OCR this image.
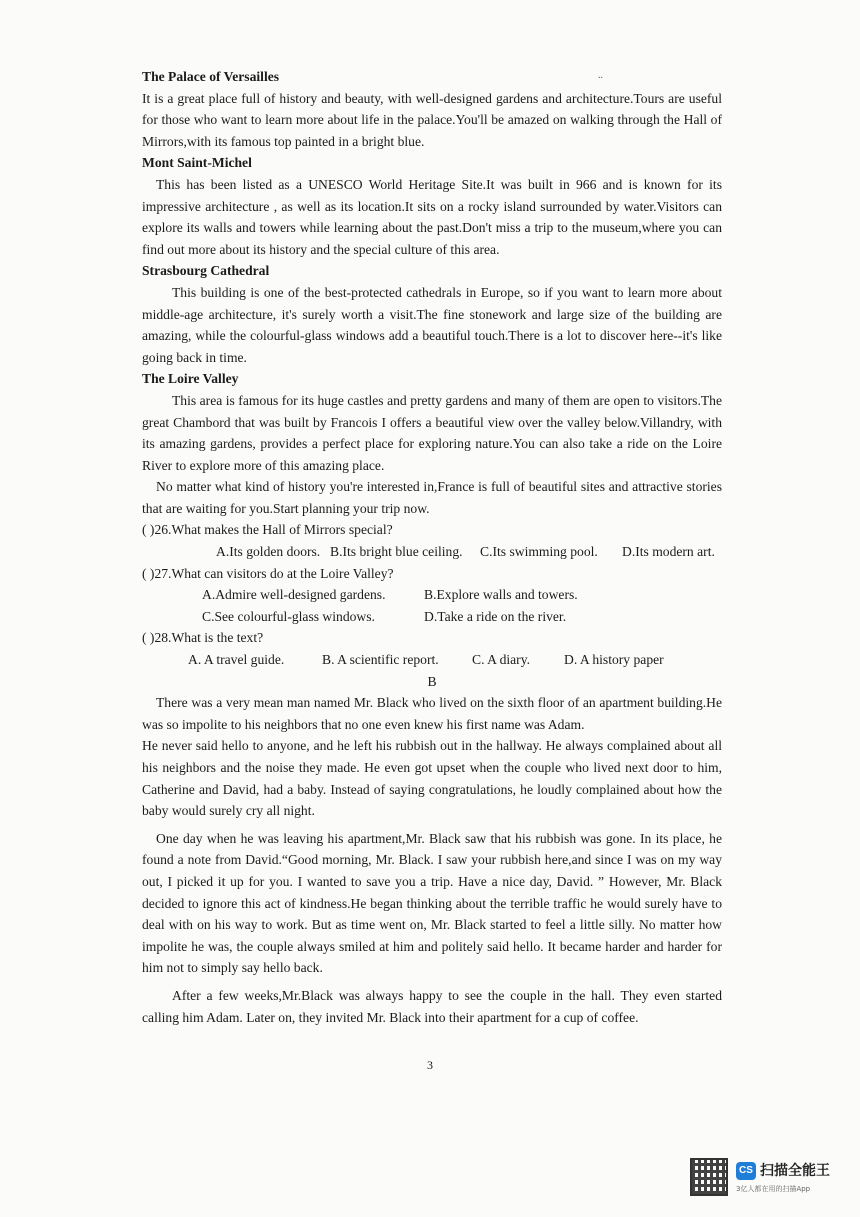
..

The Palace of Versailles

It is a great place full of history and beauty, with well-designed gardens and architecture.Tours are useful for those who want to learn more about life in the palace.You'll be amazed on walking through the Hall of Mirrors,with its famous top painted in a bright blue.

Mont Saint-Michel

This has been listed as a UNESCO World Heritage Site.It was built in 966 and is known for its impressive architecture , as well as its location.It sits on a rocky island surrounded by water.Visitors can explore its walls and towers while learning about the past.Don't miss a trip to the museum,where you can find out more about its history and the special culture of this area.

Strasbourg Cathedral

This building is one of the best-protected cathedrals in Europe, so if you want to learn more about middle-age architecture, it's surely worth a visit.The fine stonework and large size of the building are amazing, while the colourful-glass windows add a beautiful touch.There is a lot to discover here--it's like going back in time.

The Loire Valley

This area is famous for its huge castles and pretty gardens and many of them are open to visitors.The great Chambord that was built by Francois I offers a beautiful view over the valley below.Villandry, with its amazing gardens, provides a perfect place for exploring nature.You can also take a ride on the Loire River to explore more of this amazing place.

No matter what kind of history you're interested in,France is full of beautiful sites and attractive stories that are waiting for you.Start planning your trip now.

( )26.What makes the Hall of Mirrors special?

A.Its golden doors. B.Its bright blue ceiling.	C.Its swimming pool.	D.Its modern art.

( )27.What can visitors do at the Loire Valley?

A.Admire well-designed gardens.	B.Explore walls and towers.
C.See colourful-glass windows.	D.Take a ride on the river.

( )28.What is the text?

A. A travel guide.	B. A scientific report.	C. A diary.	D. A history paper

B

There was a very mean man named Mr. Black who lived on the sixth floor of an apartment building.He was so impolite to his neighbors that no one even knew his first name was Adam.

He never said hello to anyone, and he left his rubbish out in the hallway. He always complained about all his neighbors and the noise they made. He even got upset when the couple who lived next door to him, Catherine and David, had a baby. Instead of saying congratulations, he loudly complained about how the baby would surely cry all night.

One day when he was leaving his apartment,Mr. Black saw that his rubbish was gone. In its place, he found a note from David.“Good morning, Mr. Black. I saw your rubbish here,and since I was on my way out, I picked it up for you. I wanted to save you a trip. Have a nice day, David. ” However, Mr. Black decided to ignore this act of kindness.He began thinking about the terrible traffic he would surely have to deal with on his way to work. But as time went on, Mr. Black started to feel a little silly. No matter how impolite he was, the couple always smiled at him and politely said hello. It became harder and harder for him not to simply say hello back.

After a few weeks,Mr.Black was always happy to see the couple in the hall. They even started calling him Adam. Later on, they invited Mr. Black into their apartment for a cup of coffee.

3
CS 扫描全能王
3亿人都在用的扫描App
